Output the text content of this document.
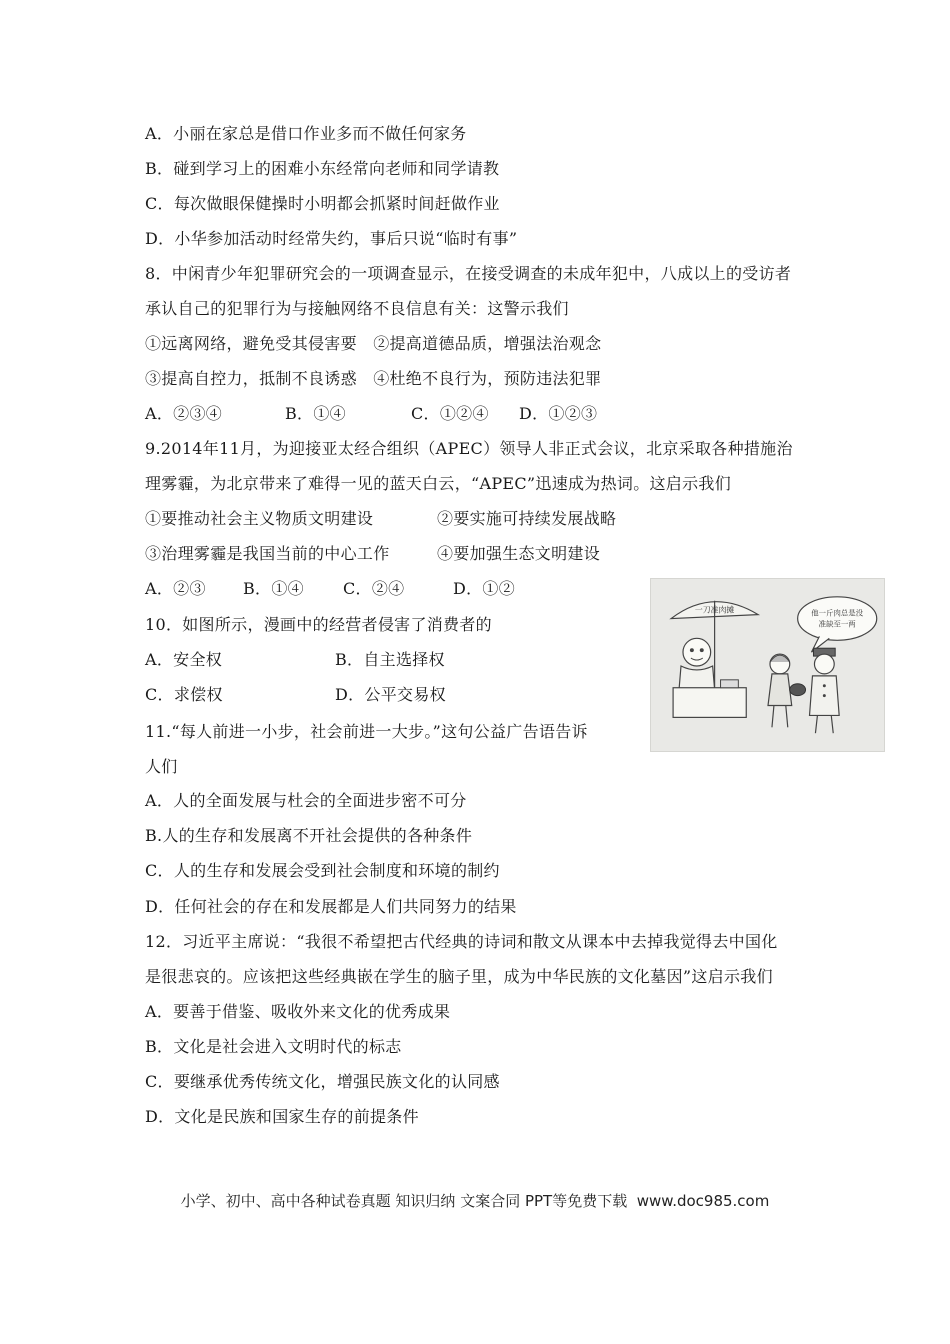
A．小丽在家总是借口作业多而不做任何家务
B．碰到学习上的困难小东经常向老师和同学请教
C．每次做眼保健操时小明都会抓紧时间赶做作业
D．小华参加活动时经常失约，事后只说“临时有事”
8．中闲青少年犯罪研究会的一项调查显示，在接受调查的未成年犯中，八成以上的受访者
承认自己的犯罪行为与接触网络不良信息有关：这警示我们
①远离网络，避免受其侵害要　②提高道德品质，增强法治观念
③提高自控力，抵制不良诱惑　④杜绝不良行为，预防违法犯罪
A．②③④	B．①④	C．①②④ D．①②③
9.2014年11月，为迎接亚太经合组织（APEC）领导人非正式会议，北京采取各种措施治
理雾霾，为北京带来了难得一见的蓝天白云，“APEC”迅速成为热词。这启示我们
①要推动社会主义物质文明建设	②要实施可持续发展战略
③治理雾霾是我国当前的中心工作	④要加强生态文明建设
A．②③ B．①④ C．②④	D．①②
10．如图所示，漫画中的经营者侵害了消费者的
A．安全权	B．自主选择权
C．求偿权	D．公平交易权
一刀准肉摊	他一斤肉总是没
准缺至一两
11.“每人前进一小步，社会前进一大步。”这句公益广告语告诉
人们
A．人的全面发展与杜会的全面进步密不可分
B.人的生存和发展离不开社会提供的各种条件
C．人的生存和发展会受到社会制度和环境的制约
D．任何社会的存在和发展都是人们共同努力的结果
12．习近平主席说：“我很不希望把古代经典的诗词和散文从课本中去掉我觉得去中国化
是很悲哀的。应该把这些经典嵌在学生的脑子里，成为中华民族的文化墓因”这启示我们
A．要善于借鉴、吸收外来文化的优秀成果
B．文化是社会进入文明时代的标志
C．要继承优秀传统文化，增强民族文化的认同感
D．文化是民族和国家生存的前提条件
小学、初中、高中各种试卷真题 知识归纳 文案合同 PPT等免费下载 www.doc985.com
